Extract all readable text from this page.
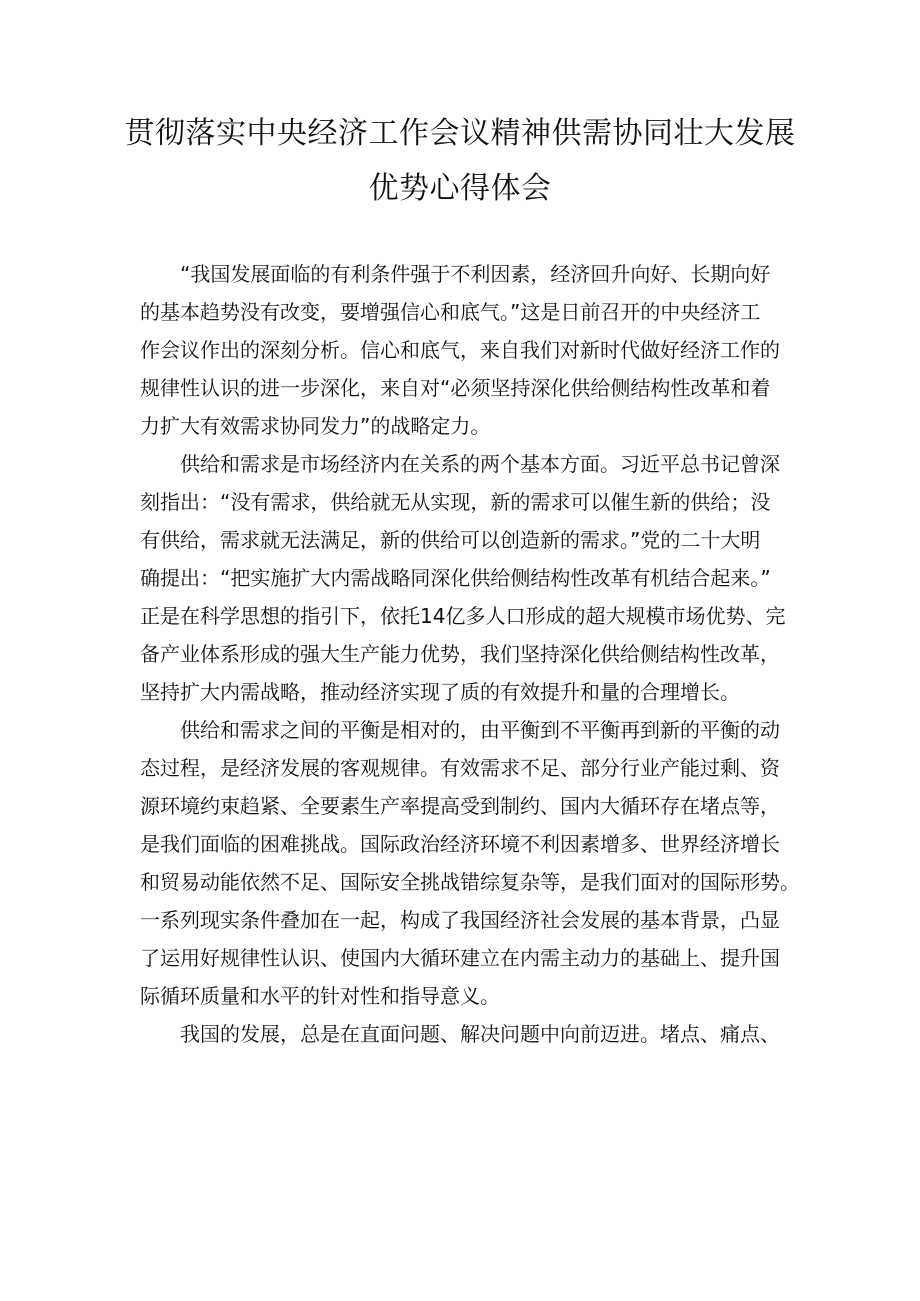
贯彻落实中央经济工作会议精神供需协同壮大发展
优势心得体会

“我国发展面临的有利条件强于不利因素，经济回升向好、长期向好
的基本趋势没有改变，要增强信心和底气。”这是日前召开的中央经济工
作会议作出的深刻分析。信心和底气，来自我们对新时代做好经济工作的
规律性认识的进一步深化，来自对“必须坚持深化供给侧结构性改革和着
力扩大有效需求协同发力”的战略定力。

供给和需求是市场经济内在关系的两个基本方面。习近平总书记曾深
刻指出：“没有需求，供给就无从实现，新的需求可以催生新的供给；没
有供给，需求就无法满足，新的供给可以创造新的需求。”党的二十大明
确提出：“把实施扩大内需战略同深化供给侧结构性改革有机结合起来。”
正是在科学思想的指引下，依托14亿多人口形成的超大规模市场优势、完
备产业体系形成的强大生产能力优势，我们坚持深化供给侧结构性改革，
坚持扩大内需战略，推动经济实现了质的有效提升和量的合理增长。

供给和需求之间的平衡是相对的，由平衡到不平衡再到新的平衡的动
态过程，是经济发展的客观规律。有效需求不足、部分行业产能过剩、资
源环境约束趋紧、全要素生产率提高受到制约、国内大循环存在堵点等，
是我们面临的困难挑战。国际政治经济环境不利因素增多、世界经济增长
和贸易动能依然不足、国际安全挑战错综复杂等，是我们面对的国际形势。
一系列现实条件叠加在一起，构成了我国经济社会发展的基本背景，凸显
了运用好规律性认识、使国内大循环建立在内需主动力的基础上、提升国
际循环质量和水平的针对性和指导意义。

我国的发展，总是在直面问题、解决问题中向前迈进。堵点、痛点、
